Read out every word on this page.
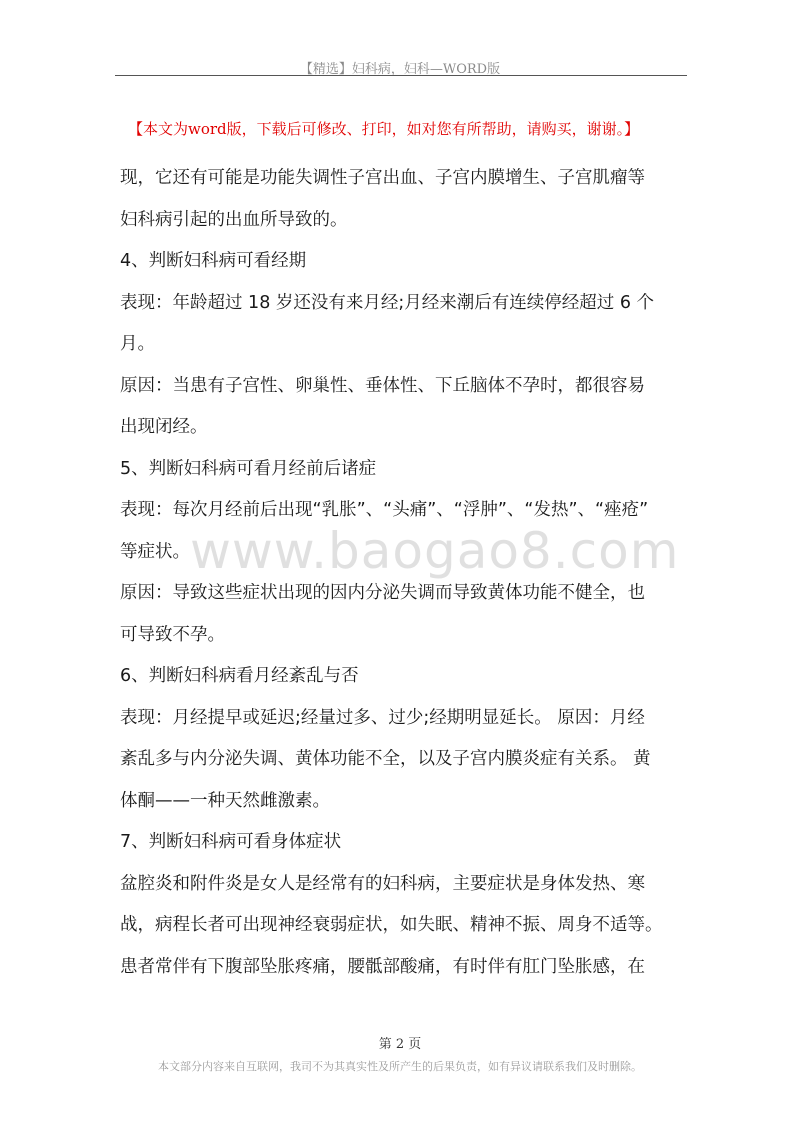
【精选】妇科病，妇科—WORD版
【本文为word版，下载后可修改、打印，如对您有所帮助，请购买，谢谢。】

现，它还有可能是功能失调性子宫出血、子宫内膜增生、子宫肌瘤等

妇科病引起的出血所导致的。

4、判断妇科病可看经期

表现：年龄超过 18 岁还没有来月经;月经来潮后有连续停经超过 6 个

月。

原因：当患有子宫性、卵巢性、垂体性、下丘脑体不孕时，都很容易

出现闭经。

5、判断妇科病可看月经前后诸症

表现：每次月经前后出现“乳胀”、“头痛”、“浮肿”、“发热”、“痤疮”

等症状。

原因：导致这些症状出现的因内分泌失调而导致黄体功能不健全，也

可导致不孕。

6、判断妇科病看月经紊乱与否

表现：月经提早或延迟;经量过多、过少;经期明显延长。 原因：月经

紊乱多与内分泌失调、黄体功能不全，以及子宫内膜炎症有关系。 黄

体酮——一种天然雌激素。

7、判断妇科病可看身体症状

盆腔炎和附件炎是女人是经常有的妇科病，主要症状是身体发热、寒

战，病程长者可出现神经衰弱症状，如失眠、精神不振、周身不适等。

患者常伴有下腹部坠胀疼痛，腰骶部酸痛，有时伴有肛门坠胀感，在

www.baogao8.com
第 2 页
本文部分内容来自互联网，我司不为其真实性及所产生的后果负责，如有异议请联系我们及时删除。
